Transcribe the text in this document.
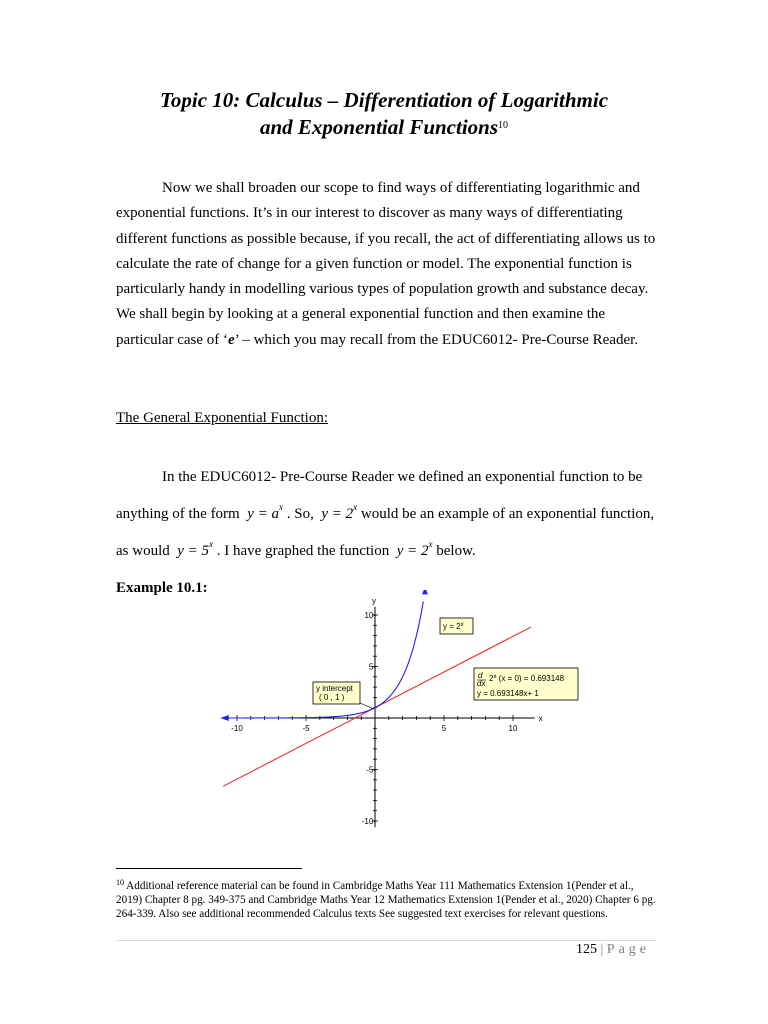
Topic 10: Calculus – Differentiation of Logarithmic
and Exponential Functions$^{10}$
Now we shall broaden our scope to find ways of differentiating logarithmic and exponential functions. It’s in our interest to discover as many ways of differentiating different functions as possible because, if you recall, the act of differentiating allows us to calculate the rate of change for a given function or model. The exponential function is particularly handy in modelling various types of population growth and substance decay. We shall begin by looking at a general exponential function and then examine the particular case of ‘e’ – which you may recall from the EDUC6012- Pre-Course Reader.
The General Exponential Function:
In the EDUC6012- Pre-Course Reader we defined an exponential function to be anything of the form $y = a^x$ . So, $y = 2^x$ would be an example of an exponential function, as would $y = 5^x$ . I have graphed the function $y = 2^x$ below.
Example 10.1:
x
y
-10	-5	5	10
10-
5-
-5-
-10-
$y = 2^x$
y intercept
( 0 , 1 )
d
dx
2$^x$ (x = 0) = 0.693148
y = 0.693148x+ 1
$^{10}$ Additional reference material can be found in Cambridge Maths Year 111 Mathematics Extension 1(Pender et al., 2019) Chapter 8 pg. 349-375 and Cambridge Maths Year 12 Mathematics Extension 1(Pender et al., 2020) Chapter 6 pg. 264-339. Also see additional recommended Calculus texts See suggested text exercises for relevant questions.
125 | Page
